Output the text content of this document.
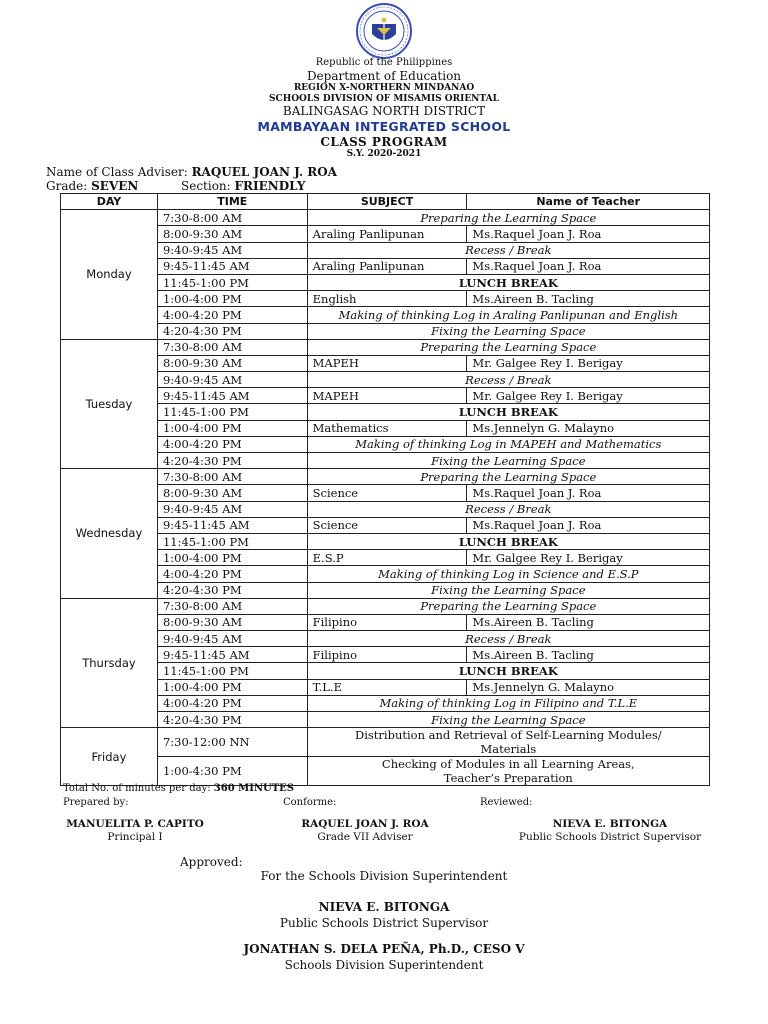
Republic of the Philippines
Department of Education
REGION X-NORTHERN MINDANAO
SCHOOLS DIVISION OF MISAMIS ORIENTAL
BALINGASAG NORTH DISTRICT
MAMBAYAAN INTEGRATED SCHOOL
CLASS PROGRAM
S.Y. 2020-2021
Name of Class Adviser: RAQUEL JOAN J. ROA
Grade: SEVEN	Section: FRIENDLY
DAY	TIME	SUBJECT	Name of Teacher
Monday	7:30-8:00 AM	Preparing the Learning Space	
	8:00-9:30 AM	Araling Panlipunan	Ms.Raquel Joan J. Roa
	9:40-9:45 AM	Recess / Break	
	9:45-11:45 AM	Araling Panlipunan	Ms.Raquel Joan J. Roa
	11:45-1:00 PM	LUNCH BREAK	
	1:00-4:00 PM	English	Ms.Aireen B. Tacling
	4:00-4:20 PM	Making of thinking Log in Araling Panlipunan and English	
	4:20-4:30 PM	Fixing the Learning Space	
Tuesday	7:30-8:00 AM	Preparing the Learning Space	
	8:00-9:30 AM	MAPEH	Mr. Galgee Rey I. Berigay
	9:40-9:45 AM	Recess / Break	
	9:45-11:45 AM	MAPEH	Mr. Galgee Rey I. Berigay
	11:45-1:00 PM	LUNCH BREAK	
	1:00-4:00 PM	Mathematics	Ms.Jennelyn G. Malayno
	4:00-4:20 PM	Making of thinking Log in MAPEH and Mathematics	
	4:20-4:30 PM	Fixing the Learning Space	
Wednesday	7:30-8:00 AM	Preparing the Learning Space	
	8:00-9:30 AM	Science	Ms.Raquel Joan J. Roa
	9:40-9:45 AM	Recess / Break	
	9:45-11:45 AM	Science	Ms.Raquel Joan J. Roa
	11:45-1:00 PM	LUNCH BREAK	
	1:00-4:00 PM	E.S.P	Mr. Galgee Rey I. Berigay
	4:00-4:20 PM	Making of thinking Log in Science and E.S.P	
	4:20-4:30 PM	Fixing the Learning Space	
Thursday	7:30-8:00 AM	Preparing the Learning Space	
	8:00-9:30 AM	Filipino	Ms.Aireen B. Tacling
	9:40-9:45 AM	Recess / Break	
	9:45-11:45 AM	Filipino	Ms.Aireen B. Tacling
	11:45-1:00 PM	LUNCH BREAK	
	1:00-4:00 PM	T.L.E	Ms.Jennelyn G. Malayno
	4:00-4:20 PM	Making of thinking Log in Filipino and T.L.E	
	4:20-4:30 PM	Fixing the Learning Space	
Friday	7:30-12:00 NN	Distribution and Retrieval of Self-Learning Modules/
Materials	

	1:00-4:30 PM	Checking of Modules in all Learning Areas,
Teacher’s Preparation	
Total No. of minutes per day: 360 MINUTES
Prepared by:	Conforme:	Reviewed:
MANUELITA P. CAPITO
Principal I
RAQUEL JOAN J. ROA
Grade VII Adviser
NIEVA E. BITONGA
Public Schools District Supervisor
Approved:
For the Schools Division Superintendent
NIEVA E. BITONGA
Public Schools District Supervisor
JONATHAN S. DELA PEÑA, Ph.D., CESO V
Schools Division Superintendent
